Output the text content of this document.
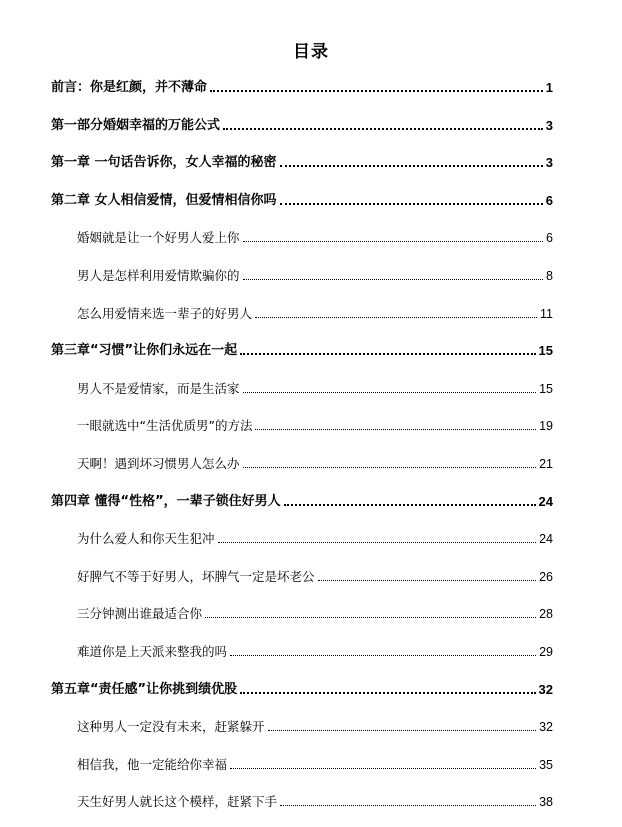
目录
前言：你是红颜，并不薄命	1
第一部分婚姻幸福的万能公式	3
第一章 一句话告诉你，女人幸福的秘密	3
第二章 女人相信爱情，但爱情相信你吗	6
婚姻就是让一个好男人爱上你	6
男人是怎样利用爱情欺骗你的	8
怎么用爱情来选一辈子的好男人	11
第三章“习惯”让你们永远在一起	15
男人不是爱情家，而是生活家	15
一眼就选中“生活优质男”的方法	19
天啊！遇到坏习惯男人怎么办	21
第四章 懂得“性格”，一辈子锁住好男人	24
为什么爱人和你天生犯冲	24
好脾气不等于好男人，坏脾气一定是坏老公	26
三分钟测出谁最适合你	28
难道你是上天派来整我的吗	29
第五章“责任感”让你挑到绩优股	32
这种男人一定没有未来，赶紧躲开	32
相信我，他一定能给你幸福	35
天生好男人就长这个模样，赶紧下手	38
